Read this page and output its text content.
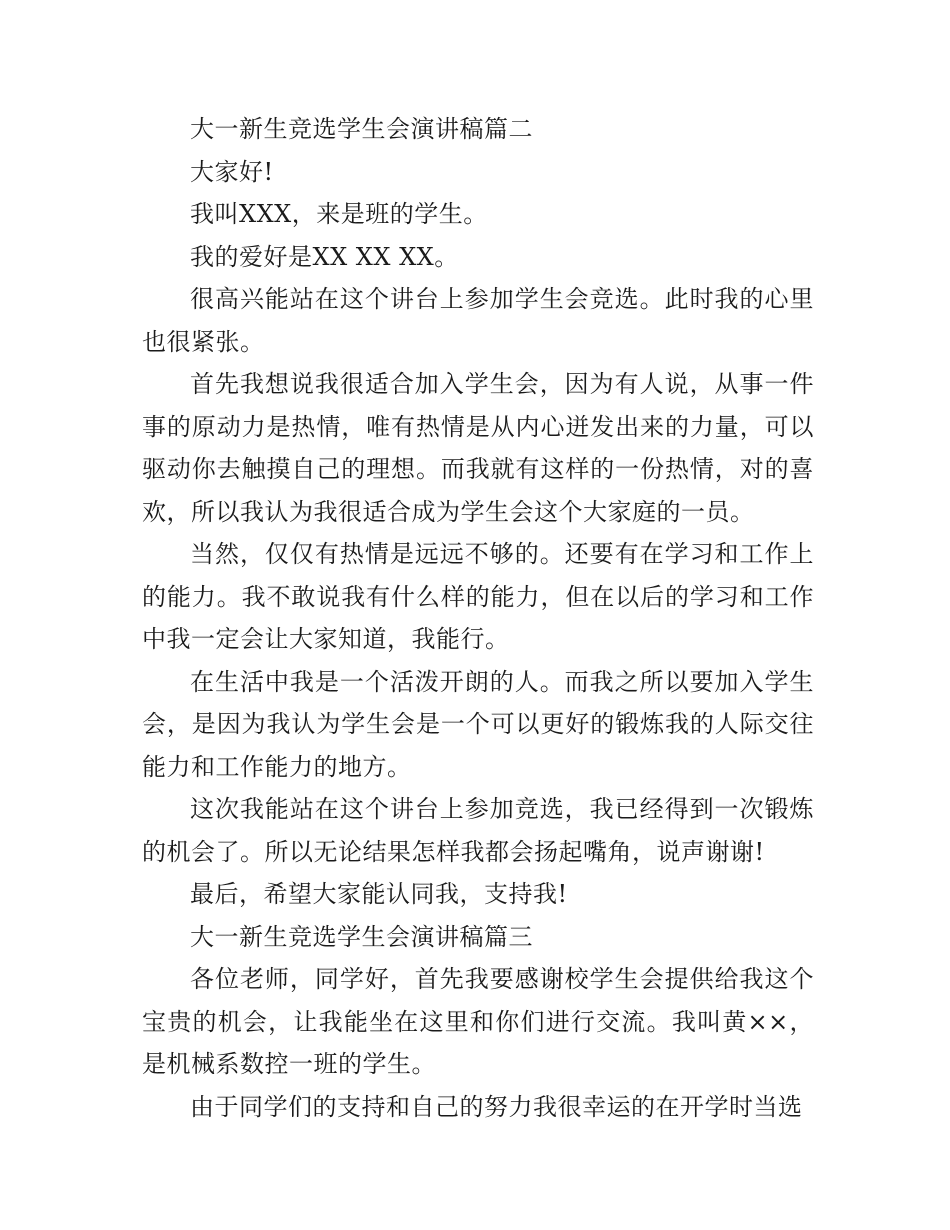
大一新生竞选学生会演讲稿篇二

大家好!

我叫XXX，来是班的学生。

我的爱好是XX XX XX。

很高兴能站在这个讲台上参加学生会竞选。此时我的心里也很紧张。

首先我想说我很适合加入学生会，因为有人说，从事一件事的原动力是热情，唯有热情是从内心迸发出来的力量，可以驱动你去触摸自己的理想。而我就有这样的一份热情，对的喜欢，所以我认为我很适合成为学生会这个大家庭的一员。

当然，仅仅有热情是远远不够的。还要有在学习和工作上的能力。我不敢说我有什么样的能力，但在以后的学习和工作中我一定会让大家知道，我能行。

在生活中我是一个活泼开朗的人。而我之所以要加入学生会，是因为我认为学生会是一个可以更好的锻炼我的人际交往能力和工作能力的地方。

这次我能站在这个讲台上参加竞选，我已经得到一次锻炼的机会了。所以无论结果怎样我都会扬起嘴角，说声谢谢!

最后，希望大家能认同我，支持我!

大一新生竞选学生会演讲稿篇三

各位老师，同学好，首先我要感谢校学生会提供给我这个宝贵的机会，让我能坐在这里和你们进行交流。我叫黄××，是机械系数控一班的学生。

由于同学们的支持和自己的努力我很幸运的在开学时当选
